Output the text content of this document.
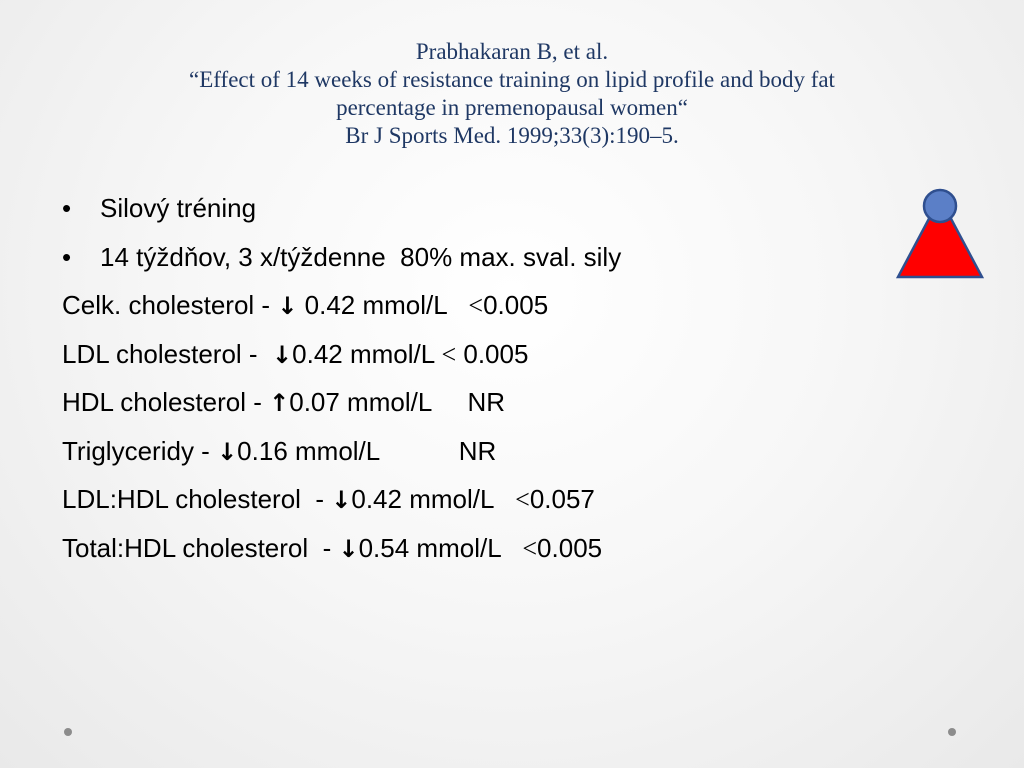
Prabhakaran B, et al.
“Effect of 14 weeks of resistance training on lipid profile and body fat
percentage in premenopausal women“
Br J Sports Med. 1999;33(3):190–5.
• Silový tréning
• 14 týždňov, 3 x/týždenne  80% max. sval. sily
Celk. cholesterol - ↓ 0.42 mmol/L   <0.005
LDL cholesterol -  ↓0.42 mmol/L < 0.005
HDL cholesterol - ↑0.07 mmol/L     NR
Triglyceridy - ↓0.16 mmol/L           NR
LDL:HDL cholesterol  - ↓0.42 mmol/L   <0.057
Total:HDL cholesterol  - ↓0.54 mmol/L   <0.005
